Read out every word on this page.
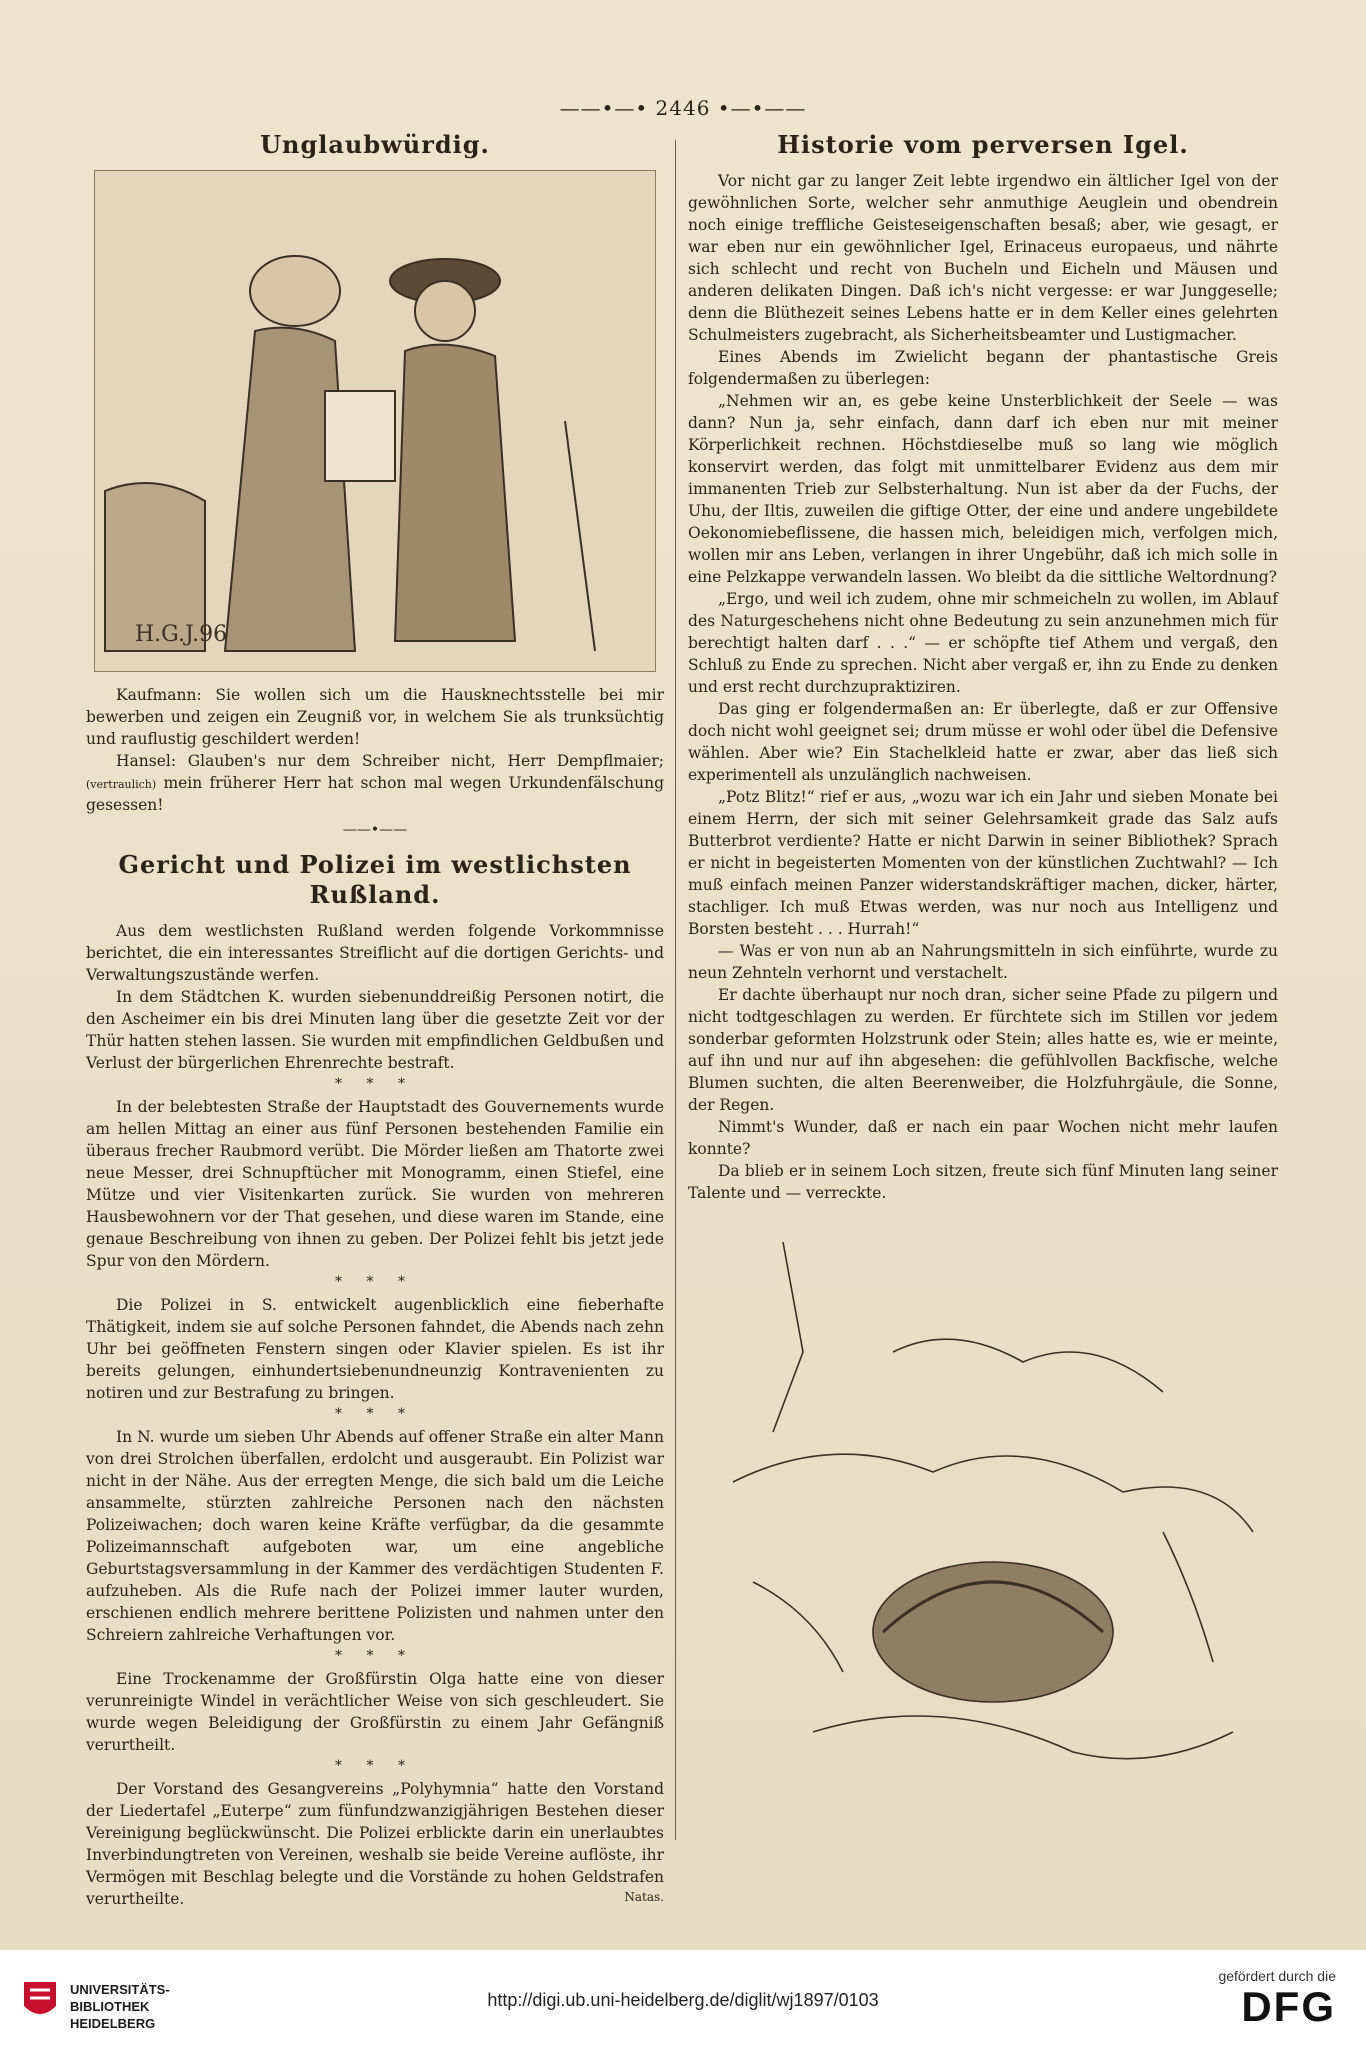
——•—• 2446 •—•——
Unglaubwürdig.
H.G.J.96

Kaufmann: Sie wollen sich um die Hausknechtsstelle bei mir bewerben und zeigen ein Zeugniß vor, in welchem Sie als trunksüchtig und rauflustig geschildert werden!

Hansel: Glauben's nur dem Schreiber nicht, Herr Dempflmaier; (vertraulich) mein früherer Herr hat schon mal wegen Urkundenfälschung gesessen!

——•——
Gericht und Polizei im westlichsten Rußland.

Aus dem westlichsten Rußland werden folgende Vorkommnisse berichtet, die ein interessantes Streiflicht auf die dortigen Gerichts- und Verwaltungszustände werfen.

In dem Städtchen K. wurden siebenunddreißig Personen notirt, die den Ascheimer ein bis drei Minuten lang über die gesetzte Zeit vor der Thür hatten stehen lassen. Sie wurden mit empfindlichen Geldbußen und Verlust der bürgerlichen Ehrenrechte bestraft.

* * *

In der belebtesten Straße der Hauptstadt des Gouvernements wurde am hellen Mittag an einer aus fünf Personen bestehenden Familie ein überaus frecher Raubmord verübt. Die Mörder ließen am Thatorte zwei neue Messer, drei Schnupftücher mit Monogramm, einen Stiefel, eine Mütze und vier Visitenkarten zurück. Sie wurden von mehreren Hausbewohnern vor der That gesehen, und diese waren im Stande, eine genaue Beschreibung von ihnen zu geben. Der Polizei fehlt bis jetzt jede Spur von den Mördern.

* * *

Die Polizei in S. entwickelt augenblicklich eine fieberhafte Thätigkeit, indem sie auf solche Personen fahndet, die Abends nach zehn Uhr bei geöffneten Fenstern singen oder Klavier spielen. Es ist ihr bereits gelungen, einhundertsiebenundneunzig Kontravenienten zu notiren und zur Bestrafung zu bringen.

* * *

In N. wurde um sieben Uhr Abends auf offener Straße ein alter Mann von drei Strolchen überfallen, erdolcht und ausgeraubt. Ein Polizist war nicht in der Nähe. Aus der erregten Menge, die sich bald um die Leiche ansammelte, stürzten zahlreiche Personen nach den nächsten Polizeiwachen; doch waren keine Kräfte verfügbar, da die gesammte Polizeimannschaft aufgeboten war, um eine angebliche Geburtstagsversammlung in der Kammer des verdächtigen Studenten F. aufzuheben. Als die Rufe nach der Polizei immer lauter wurden, erschienen endlich mehrere berittene Polizisten und nahmen unter den Schreiern zahlreiche Verhaftungen vor.

* * *

Eine Trockenamme der Großfürstin Olga hatte eine von dieser verunreinigte Windel in verächtlicher Weise von sich geschleudert. Sie wurde wegen Beleidigung der Großfürstin zu einem Jahr Gefängniß verurtheilt.

* * *

Der Vorstand des Gesangvereins „Polyhymnia“ hatte den Vorstand der Liedertafel „Euterpe“ zum fünfundzwanzigjährigen Bestehen dieser Vereinigung beglückwünscht. Die Polizei erblickte darin ein unerlaubtes Inverbindungtreten von Vereinen, weshalb sie beide Vereine auflöste, ihr Vermögen mit Beschlag belegte und die Vorstände zu hohen Geldstrafen verurtheilte.	Natas.
Historie vom perversen Igel.

Vor nicht gar zu langer Zeit lebte irgendwo ein ältlicher Igel von der gewöhnlichen Sorte, welcher sehr anmuthige Aeuglein und obendrein noch einige treffliche Geisteseigenschaften besaß; aber, wie gesagt, er war eben nur ein gewöhnlicher Igel, Erinaceus europaeus, und nährte sich schlecht und recht von Bucheln und Eicheln und Mäusen und anderen delikaten Dingen. Daß ich's nicht vergesse: er war Junggeselle; denn die Blüthezeit seines Lebens hatte er in dem Keller eines gelehrten Schulmeisters zugebracht, als Sicherheitsbeamter und Lustigmacher.

Eines Abends im Zwielicht begann der phantastische Greis folgendermaßen zu überlegen:

„Nehmen wir an, es gebe keine Unsterblichkeit der Seele — was dann? Nun ja, sehr einfach, dann darf ich eben nur mit meiner Körperlichkeit rechnen. Höchstdieselbe muß so lang wie möglich konservirt werden, das folgt mit unmittelbarer Evidenz aus dem mir immanenten Trieb zur Selbsterhaltung. Nun ist aber da der Fuchs, der Uhu, der Iltis, zuweilen die giftige Otter, der eine und andere ungebildete Oekonomiebeflissene, die hassen mich, beleidigen mich, verfolgen mich, wollen mir ans Leben, verlangen in ihrer Ungebühr, daß ich mich solle in eine Pelzkappe verwandeln lassen. Wo bleibt da die sittliche Weltordnung?

„Ergo, und weil ich zudem, ohne mir schmeicheln zu wollen, im Ablauf des Naturgeschehens nicht ohne Bedeutung zu sein anzunehmen mich für berechtigt halten darf . . .“ — er schöpfte tief Athem und vergaß, den Schluß zu Ende zu sprechen. Nicht aber vergaß er, ihn zu Ende zu denken und erst recht durchzupraktiziren.

Das ging er folgendermaßen an: Er überlegte, daß er zur Offensive doch nicht wohl geeignet sei; drum müsse er wohl oder übel die Defensive wählen. Aber wie? Ein Stachelkleid hatte er zwar, aber das ließ sich experimentell als unzulänglich nachweisen.

„Potz Blitz!“ rief er aus, „wozu war ich ein Jahr und sieben Monate bei einem Herrn, der sich mit seiner Gelehrsamkeit grade das Salz aufs Butterbrot verdiente? Hatte er nicht Darwin in seiner Bibliothek? Sprach er nicht in begeisterten Momenten von der künstlichen Zuchtwahl? — Ich muß einfach meinen Panzer widerstandskräftiger machen, dicker, härter, stachliger. Ich muß Etwas werden, was nur noch aus Intelligenz und Borsten besteht . . . Hurrah!“

— Was er von nun ab an Nahrungsmitteln in sich einführte, wurde zu neun Zehnteln verhornt und verstachelt.

Er dachte überhaupt nur noch dran, sicher seine Pfade zu pilgern und nicht todtgeschlagen zu werden. Er fürchtete sich im Stillen vor jedem sonderbar geformten Holzstrunk oder Stein; alles hatte es, wie er meinte, auf ihn und nur auf ihn abgesehen: die gefühlvollen Backfische, welche Blumen suchten, die alten Beerenweiber, die Holzfuhrgäule, die Sonne, der Regen.

Nimmt's Wunder, daß er nach ein paar Wochen nicht mehr laufen konnte?

Da blieb er in seinem Loch sitzen, freute sich fünf Minuten lang seiner Talente und — verreckte.

UNIVERSITÄTS-
BIBLIOTHEK
HEIDELBERG
http://digi.ub.uni-heidelberg.de/diglit/wj1897/0103
gefördert durch die
DFG
